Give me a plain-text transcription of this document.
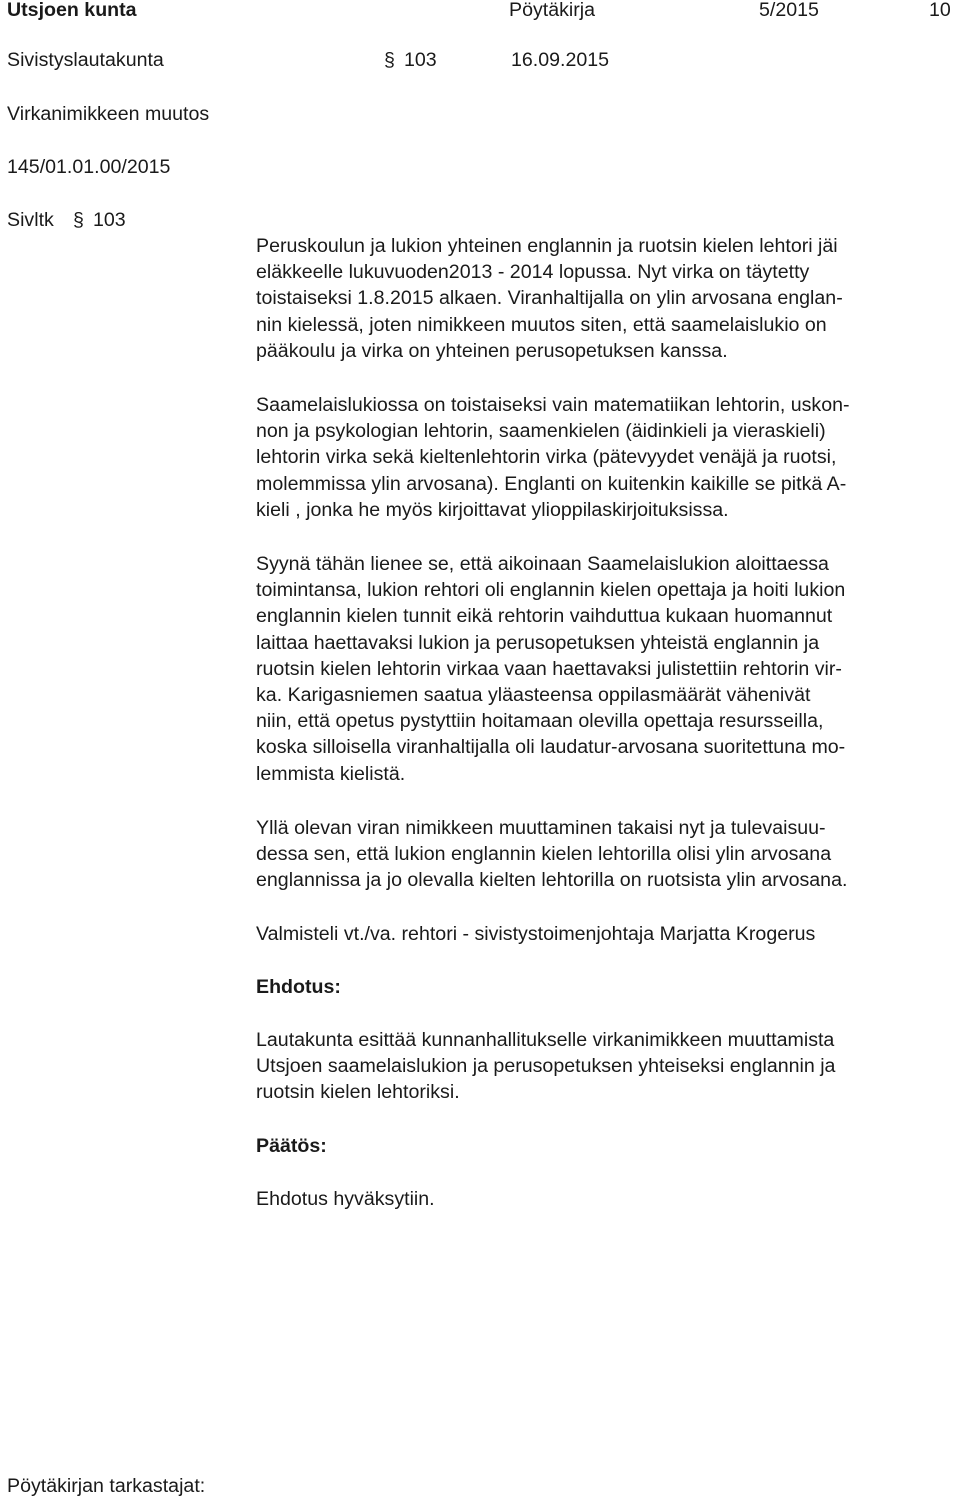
Utsjoen kunta	Pöytäkirja	5/2015	10
Sivistyslautakunta	§ 103	16.09.2015
Virkanimikkeen muutos
145/01.01.00/2015
Sivltk § 103
Peruskoulun ja lukion yhteinen englannin ja ruotsin kielen lehtori jäi
eläkkeelle lukuvuoden2013 - 2014 lopussa. Nyt virka on täytetty
toistaiseksi 1.8.2015 alkaen. Viranhaltijalla on ylin arvosana englan-
nin kielessä, joten nimikkeen muutos siten, että saamelaislukio on
pääkoulu ja virka on yhteinen perusopetuksen kanssa.
Saamelaislukiossa on toistaiseksi vain matematiikan lehtorin, uskon-
non ja psykologian lehtorin, saamenkielen (äidinkieli ja vieraskieli)
lehtorin virka sekä kieltenlehtorin virka (pätevyydet venäjä ja ruotsi,
molemmissa ylin arvosana). Englanti on kuitenkin kaikille se pitkä A-
kieli , jonka he myös kirjoittavat ylioppilaskirjoituksissa.
Syynä tähän lienee se, että aikoinaan Saamelaislukion aloittaessa
toimintansa, lukion rehtori oli englannin kielen opettaja ja hoiti lukion
englannin kielen tunnit eikä rehtorin vaihduttua kukaan huomannut
laittaa haettavaksi lukion ja perusopetuksen yhteistä englannin ja
ruotsin kielen lehtorin virkaa vaan haettavaksi julistettiin rehtorin vir-
ka. Karigasniemen saatua yläasteensa oppilasmäärät vähenivät
niin, että opetus pystyttiin hoitamaan olevilla opettaja resursseilla,
koska silloisella viranhaltijalla oli laudatur-arvosana suoritettuna mo-
lemmista kielistä.
Yllä olevan viran nimikkeen muuttaminen takaisi nyt ja tulevaisuu-
dessa sen, että lukion englannin kielen lehtorilla olisi ylin arvosana
englannissa ja jo olevalla kielten lehtorilla on ruotsista ylin arvosana.
Valmisteli vt./va. rehtori - sivistystoimenjohtaja Marjatta Krogerus
Ehdotus:
Lautakunta esittää kunnanhallitukselle virkanimikkeen muuttamista
Utsjoen saamelaislukion ja perusopetuksen yhteiseksi englannin ja
ruotsin kielen lehtoriksi.
Päätös:
Ehdotus hyväksytiin.
Pöytäkirjan tarkastajat:
